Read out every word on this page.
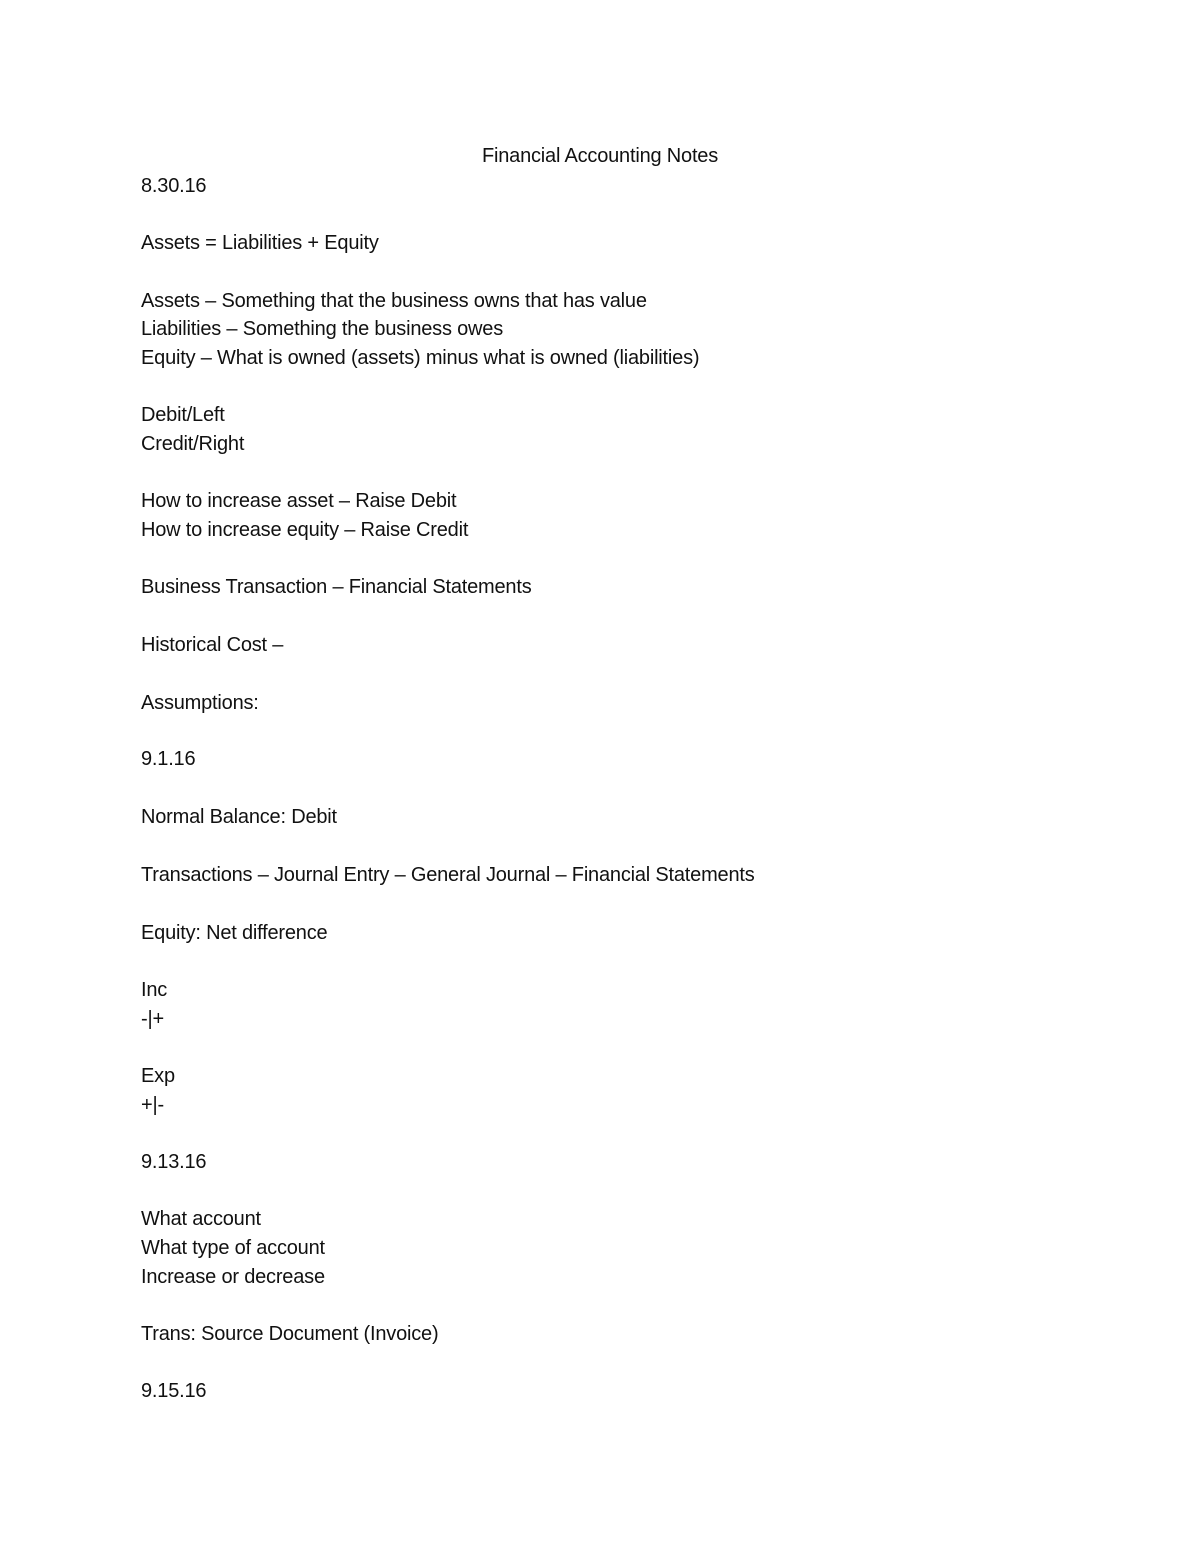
Financial Accounting Notes
8.30.16
Assets = Liabilities + Equity
Assets – Something that the business owns that has value
Liabilities – Something the business owes
Equity – What is owned (assets) minus what is owned (liabilities)
Debit/Left
Credit/Right
How to increase asset – Raise Debit
How to increase equity – Raise Credit
Business Transaction – Financial Statements
Historical Cost –
Assumptions:
9.1.16
Normal Balance: Debit
Transactions – Journal Entry – General Journal – Financial Statements
Equity: Net difference
Inc
-|+
Exp
+|-
9.13.16
What account
What type of account
Increase or decrease
Trans: Source Document (Invoice)
9.15.16
